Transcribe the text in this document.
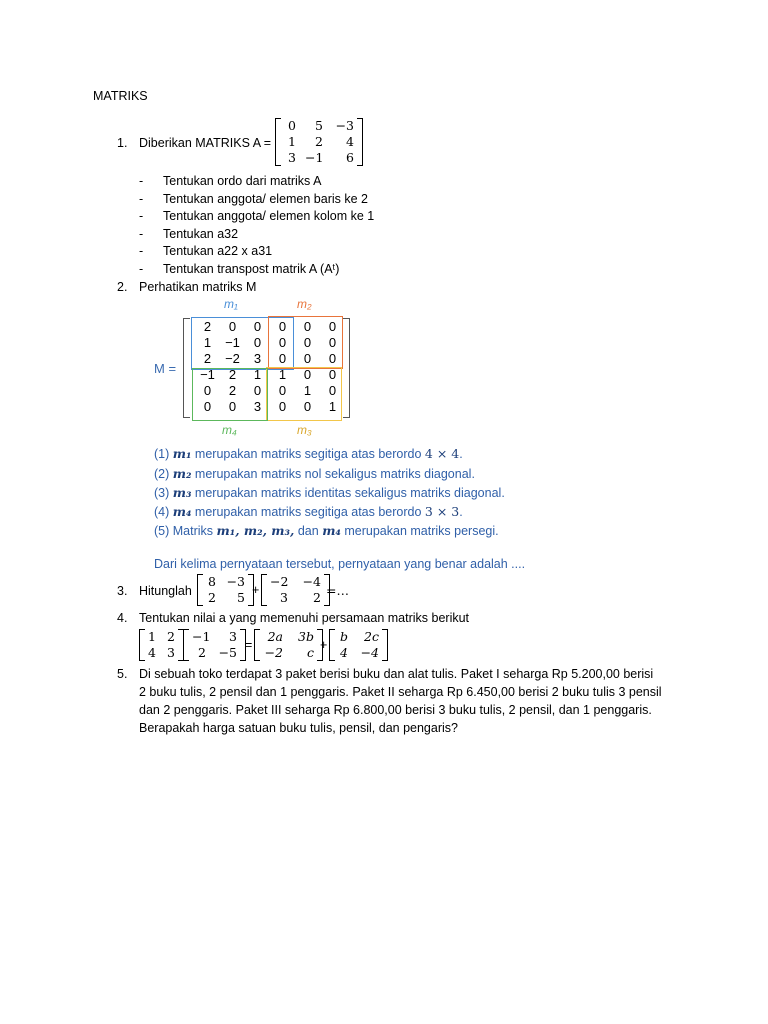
MATRIKS
1. Diberikan MATRIKS A =
0	5 −3
1	2	4
3 −1	6
- Tentukan ordo dari matriks A
- Tentukan anggota/ elemen baris ke 2
- Tentukan anggota/ elemen kolom ke 1
- Tentukan a32
- Tentukan a22 x a31
- Tentukan transpost matrik A (Aᵗ)
2. Perhatikan matriks M
m₁	m₂
m₄	m₃
M =
2	0	0	0	0	0
1	−1	0	0	0	0
2	−2	3	0	0	0
−1	2	1	1	0	0
0	2	0	0	1	0
0	0	3	0	0	1
(1) m₁ merupakan matriks segitiga atas berordo 4 × 4.
(2) m₂ merupakan matriks nol sekaligus matriks diagonal.
(3) m₃ merupakan matriks identitas sekaligus matriks diagonal.
(4) m₄ merupakan matriks segitiga atas berordo 3 × 3.
(5) Matriks m₁, m₂, m₃, dan m₄ merupakan matriks persegi.
Dari kelima pernyataan tersebut, pernyataan yang benar adalah ....
3. Hitunglah
8 −3
2	5 +
−2	−4
3	2 =…
4. Tentukan nilai a yang memenuhi persamaan matriks berikut
1 2
4 3
−1	3
2 −5 =
2a	3b
−2	c +
b	2c
4 −4
5. Di sebuah toko terdapat 3 paket berisi buku dan alat tulis. Paket I seharga Rp 5.200,00 berisi
2 buku tulis, 2 pensil dan 1 penggaris. Paket II seharga Rp 6.450,00 berisi 2 buku tulis 3 pensil
dan 2 penggaris. Paket III seharga Rp 6.800,00 berisi 3 buku tulis, 2 pensil, dan 1 penggaris.
Berapakah harga satuan buku tulis, pensil, dan pengaris?
